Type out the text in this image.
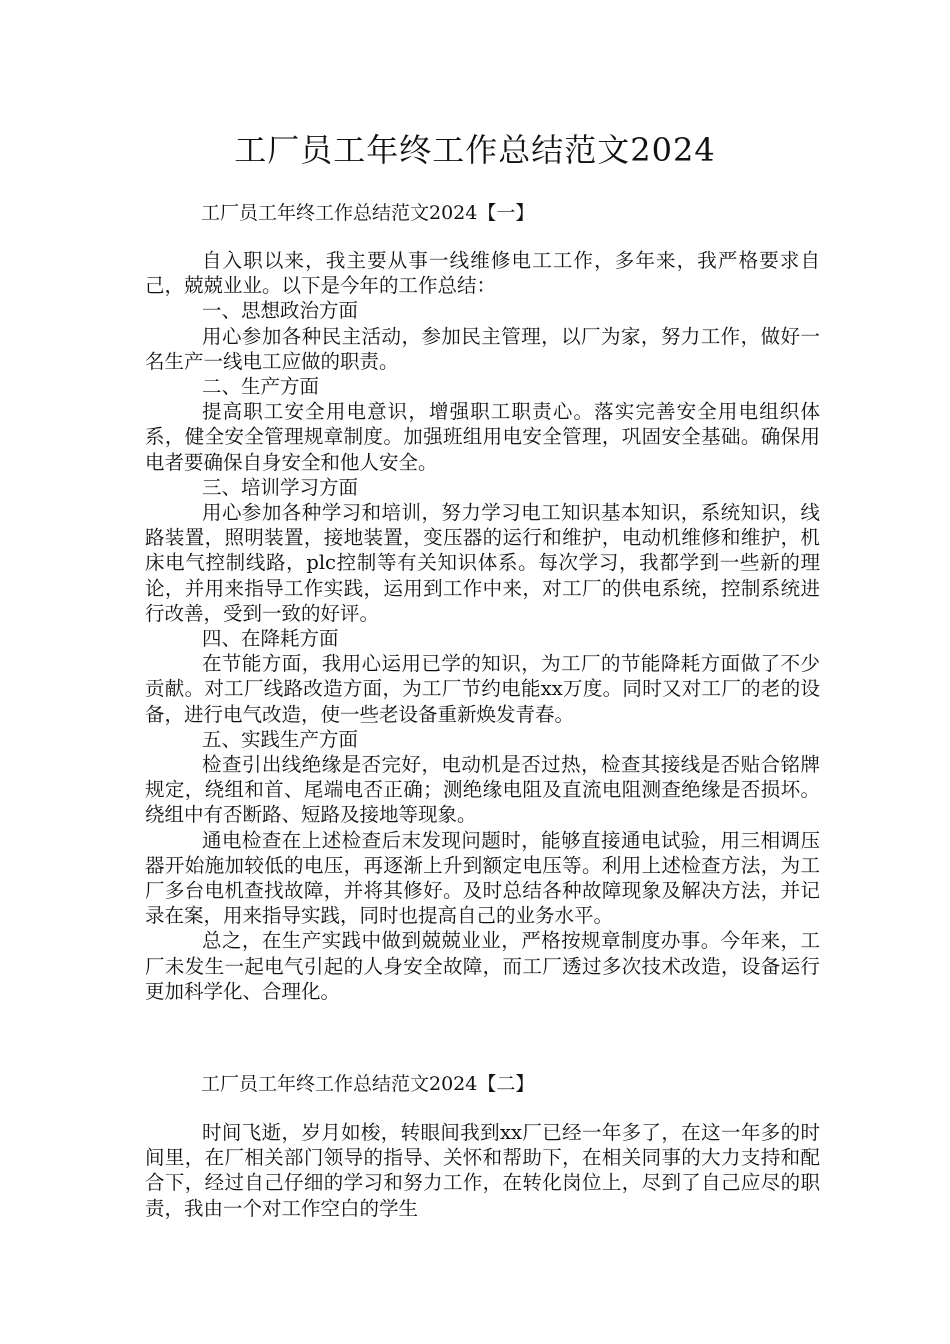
工厂员工年终工作总结范文2024
工厂员工年终工作总结范文2024【一】

自入职以来，我主要从事一线维修电工工作，多年来，我严格要求自己，兢兢业业。以下是今年的工作总结：

一、思想政治方面

用心参加各种民主活动，参加民主管理，以厂为家，努力工作，做好一名生产一线电工应做的职责。

二、生产方面

提高职工安全用电意识，增强职工职责心。落实完善安全用电组织体系，健全安全管理规章制度。加强班组用电安全管理，巩固安全基础。确保用电者要确保自身安全和他人安全。

三、培训学习方面

用心参加各种学习和培训，努力学习电工知识基本知识，系统知识，线路装置，照明装置，接地装置，变压器的运行和维护，电动机维修和维护，机床电气控制线路，plc控制等有关知识体系。每次学习，我都学到一些新的理论，并用来指导工作实践，运用到工作中来，对工厂的供电系统，控制系统进行改善，受到一致的好评。

四、在降耗方面

在节能方面，我用心运用已学的知识，为工厂的节能降耗方面做了不少贡献。对工厂线路改造方面，为工厂节约电能xx万度。同时又对工厂的老的设备，进行电气改造，使一些老设备重新焕发青春。

五、实践生产方面

检查引出线绝缘是否完好，电动机是否过热，检查其接线是否贴合铭牌规定，绕组和首、尾端电否正确；测绝缘电阻及直流电阻测查绝缘是否损坏。绕组中有否断路、短路及接地等现象。

通电检查在上述检查后末发现问题时，能够直接通电试验，用三相调压器开始施加较低的电压，再逐渐上升到额定电压等。利用上述检查方法，为工厂多台电机查找故障，并将其修好。及时总结各种故障现象及解决方法，并记录在案，用来指导实践，同时也提高自己的业务水平。

总之，在生产实践中做到兢兢业业，严格按规章制度办事。今年来，工厂未发生一起电气引起的人身安全故障，而工厂透过多次技术改造，设备运行更加科学化、合理化。

工厂员工年终工作总结范文2024【二】

时间飞逝，岁月如梭，转眼间我到xx厂已经一年多了，在这一年多的时间里，在厂相关部门领导的指导、关怀和帮助下，在相关同事的大力支持和配合下，经过自己仔细的学习和努力工作，在转化岗位上，尽到了自己应尽的职责，我由一个对工作空白的学生
